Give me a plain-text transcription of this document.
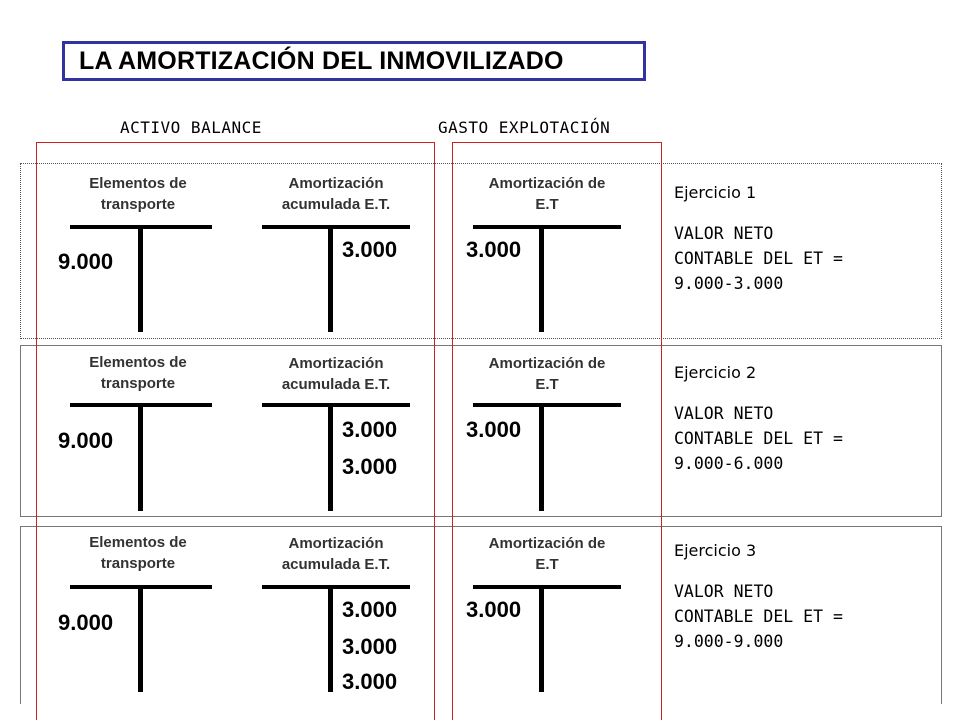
LA AMORTIZACIÓN DEL INMOVILIZADO
ACTIVO BALANCE	GASTO EXPLOTACIÓN
Elementos de
transporte
9.000
Amortización
acumulada E.T.
3.000
Amortización de
E.T
3.000
Ejercicio 1
VALOR NETO
CONTABLE DEL ET =
9.000-3.000
Elementos de
transporte
9.000
Amortización
acumulada E.T.
3.000
3.000
Amortización de
E.T
3.000
Ejercicio 2
VALOR NETO
CONTABLE DEL ET =
9.000-6.000
Elementos de
transporte
9.000
Amortización
acumulada E.T.
3.000
3.000
3.000
Amortización de
E.T
3.000
Ejercicio 3
VALOR NETO
CONTABLE DEL ET =
9.000-9.000
